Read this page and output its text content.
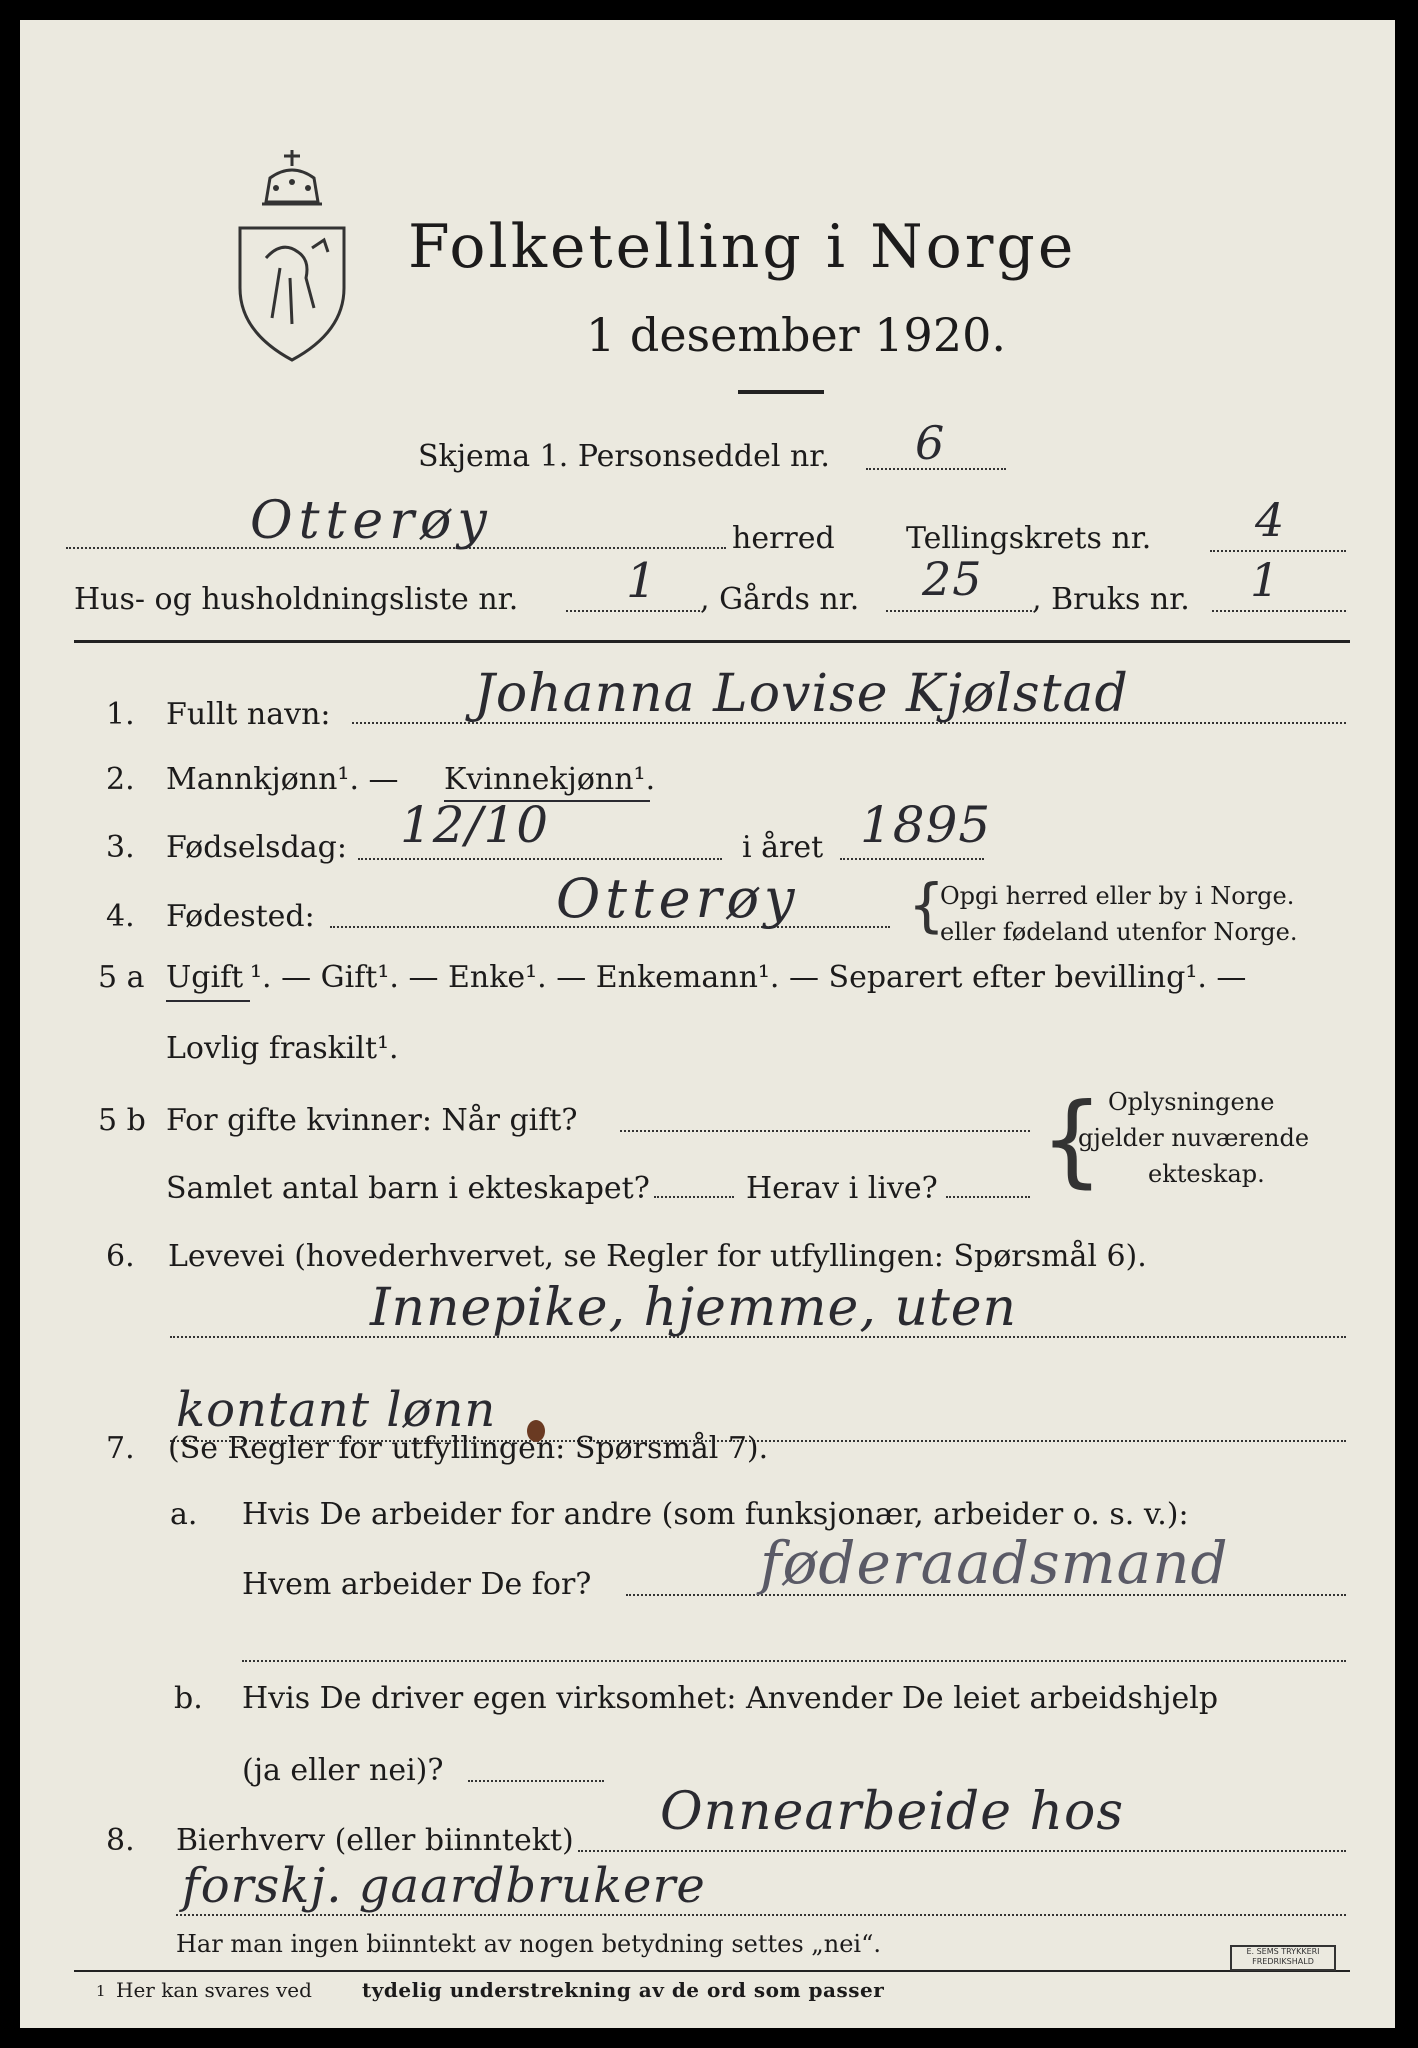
Folketelling i Norge
1 desember 1920.
Skjema 1. Personseddel nr. 6
Otterøy	herred Tellingskrets nr. 4
Hus- og husholdningsliste nr. 1 , Gårds nr. 25 , Bruks nr. 1
1. Fullt navn:	Johanna Lovise Kjølstad
2. Mannkjønn¹. — Kvinnekjønn¹.
3. Fødselsdag: 12/10	i året 1895
4. Fødested:	Otterøy {
Opgi herred eller by i Norge.
eller fødeland utenfor Norge.
5 a Ugift ¹. — Gift¹. — Enke¹. — Enkemann¹. — Separert efter bevilling¹. —
Lovlig fraskilt¹.
5 b For gifte kvinner: Når gift?
Samlet antal barn i ekteskapet?	Herav i live? { Oplysningene
gjelder nuværende
ekteskap.
6. Levevei (hovederhvervet, se Regler for utfyllingen: Spørsmål 6).
Innepike, hjemme, uten
kontant lønn
7. (Se Regler for utfyllingen: Spørsmål 7).
a. Hvis De arbeider for andre (som funksjonær, arbeider o. s. v.):
Hvem arbeider De for?	føderaadsmand
b. Hvis De driver egen virksomhet: Anvender De leiet arbeidshjelp
(ja eller nei)?
8. Bierhverv (eller biinntekt) Onnearbeide hos
forskj. gaardbrukere
Har man ingen biinntekt av nogen betydning settes „nei“.
1 Her kan svares ved	tydelig understrekning av de ord som passer
E. SEMS TRYKKERI
FREDRIKSHALD
